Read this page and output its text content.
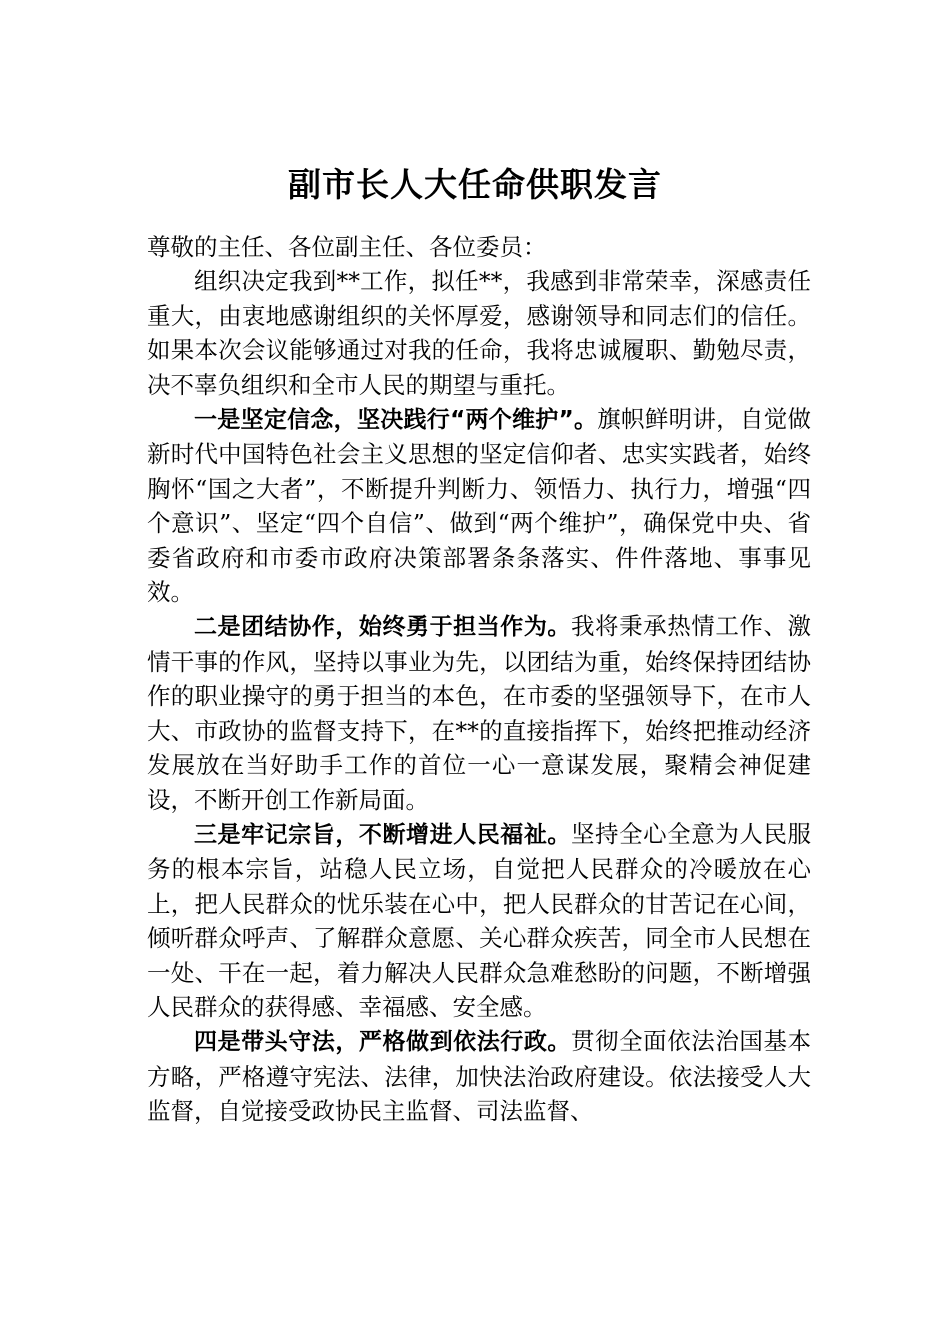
副市长人大任命供职发言

尊敬的主任、各位副主任、各位委员：

组织决定我到**工作，拟任**，我感到非常荣幸，深感责任重大，由衷地感谢组织的关怀厚爱，感谢领导和同志们的信任。如果本次会议能够通过对我的任命，我将忠诚履职、勤勉尽责，决不辜负组织和全市人民的期望与重托。

一是坚定信念，坚决践行“两个维护”。旗帜鲜明讲，自觉做新时代中国特色社会主义思想的坚定信仰者、忠实实践者，始终胸怀“国之大者”，不断提升判断力、领悟力、执行力，增强“四个意识”、坚定“四个自信”、做到“两个维护”，确保党中央、省委省政府和市委市政府决策部署条条落实、件件落地、事事见效。

二是团结协作，始终勇于担当作为。我将秉承热情工作、激情干事的作风，坚持以事业为先，以团结为重，始终保持团结协作的职业操守的勇于担当的本色，在市委的坚强领导下，在市人大、市政协的监督支持下，在**的直接指挥下，始终把推动经济发展放在当好助手工作的首位一心一意谋发展，聚精会神促建设，不断开创工作新局面。

三是牢记宗旨，不断增进人民福祉。坚持全心全意为人民服务的根本宗旨，站稳人民立场，自觉把人民群众的冷暖放在心上，把人民群众的忧乐装在心中，把人民群众的甘苦记在心间，倾听群众呼声、了解群众意愿、关心群众疾苦，同全市人民想在一处、干在一起，着力解决人民群众急难愁盼的问题，不断增强人民群众的获得感、幸福感、安全感。

四是带头守法，严格做到依法行政。贯彻全面依法治国基本方略，严格遵守宪法、法律，加快法治政府建设。依法接受人大监督，自觉接受政协民主监督、司法监督、
